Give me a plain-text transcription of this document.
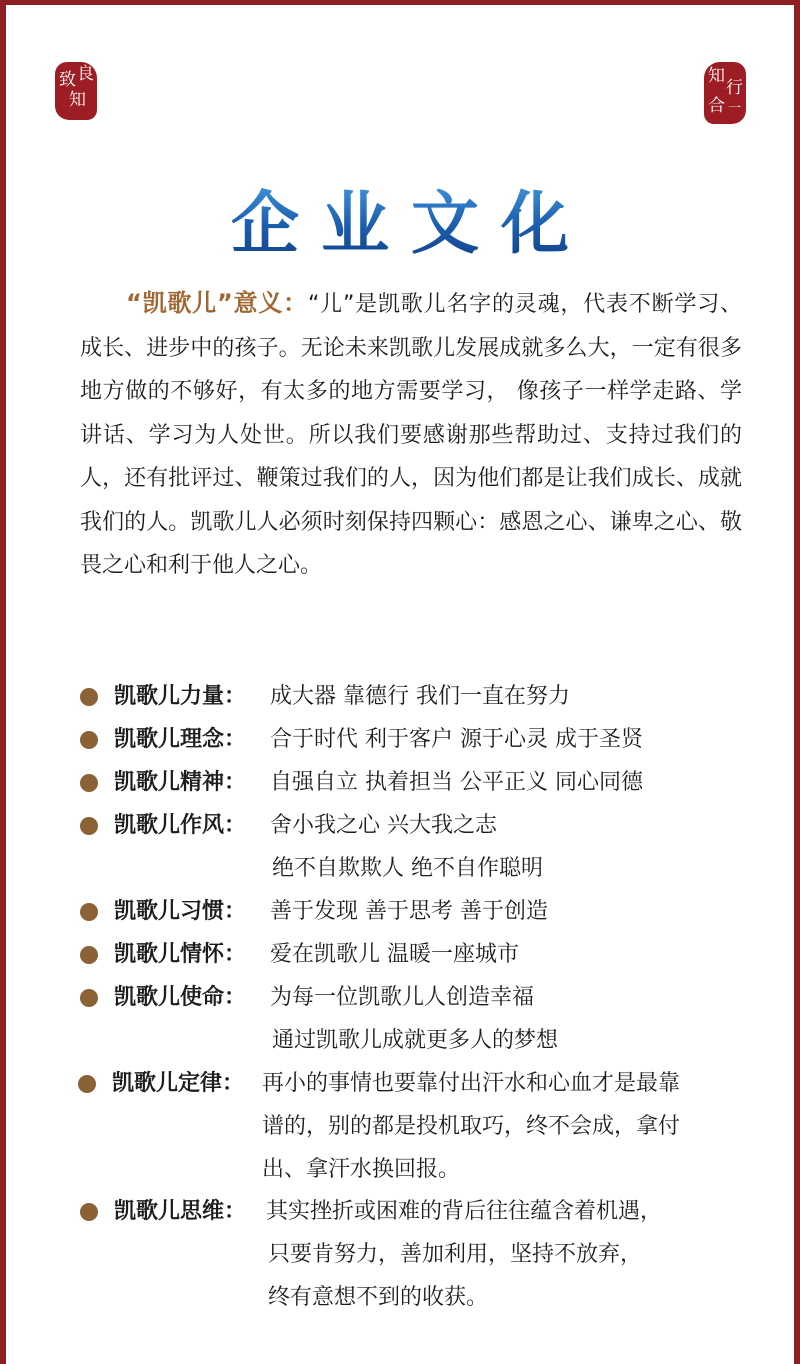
致 良
知
知
行
合 一
企业文化
“凯歌儿”意义：“儿”是凯歌儿名字的灵魂，代表不断学习、成长、进步中的孩子。无论未来凯歌儿发展成就多么大，一定有很多地方做的不够好，有太多的地方需要学习， 像孩子一样学走路、学讲话、学习为人处世。所以我们要感谢那些帮助过、支持过我们的人，还有批评过、鞭策过我们的人，因为他们都是让我们成长、成就我们的人。凯歌儿人必须时刻保持四颗心：感恩之心、谦卑之心、敬畏之心和利于他人之心。
凯歌儿力量： 成大器 靠德行 我们一直在努力
凯歌儿理念： 合于时代 利于客户 源于心灵 成于圣贤
凯歌儿精神： 自强自立 执着担当 公平正义 同心同德
凯歌儿作风： 舍小我之心 兴大我之志
绝不自欺欺人 绝不自作聪明
凯歌儿习惯： 善于发现 善于思考 善于创造
凯歌儿情怀： 爱在凯歌儿 温暖一座城市
凯歌儿使命： 为每一位凯歌儿人创造幸福
通过凯歌儿成就更多人的梦想
凯歌儿定律： 再小的事情也要靠付出汗水和心血才是最靠
谱的，别的都是投机取巧，终不会成，拿付
出、拿汗水换回报。
凯歌儿思维： 其实挫折或困难的背后往往蕴含着机遇，
只要肯努力，善加利用，坚持不放弃，
终有意想不到的收获。
